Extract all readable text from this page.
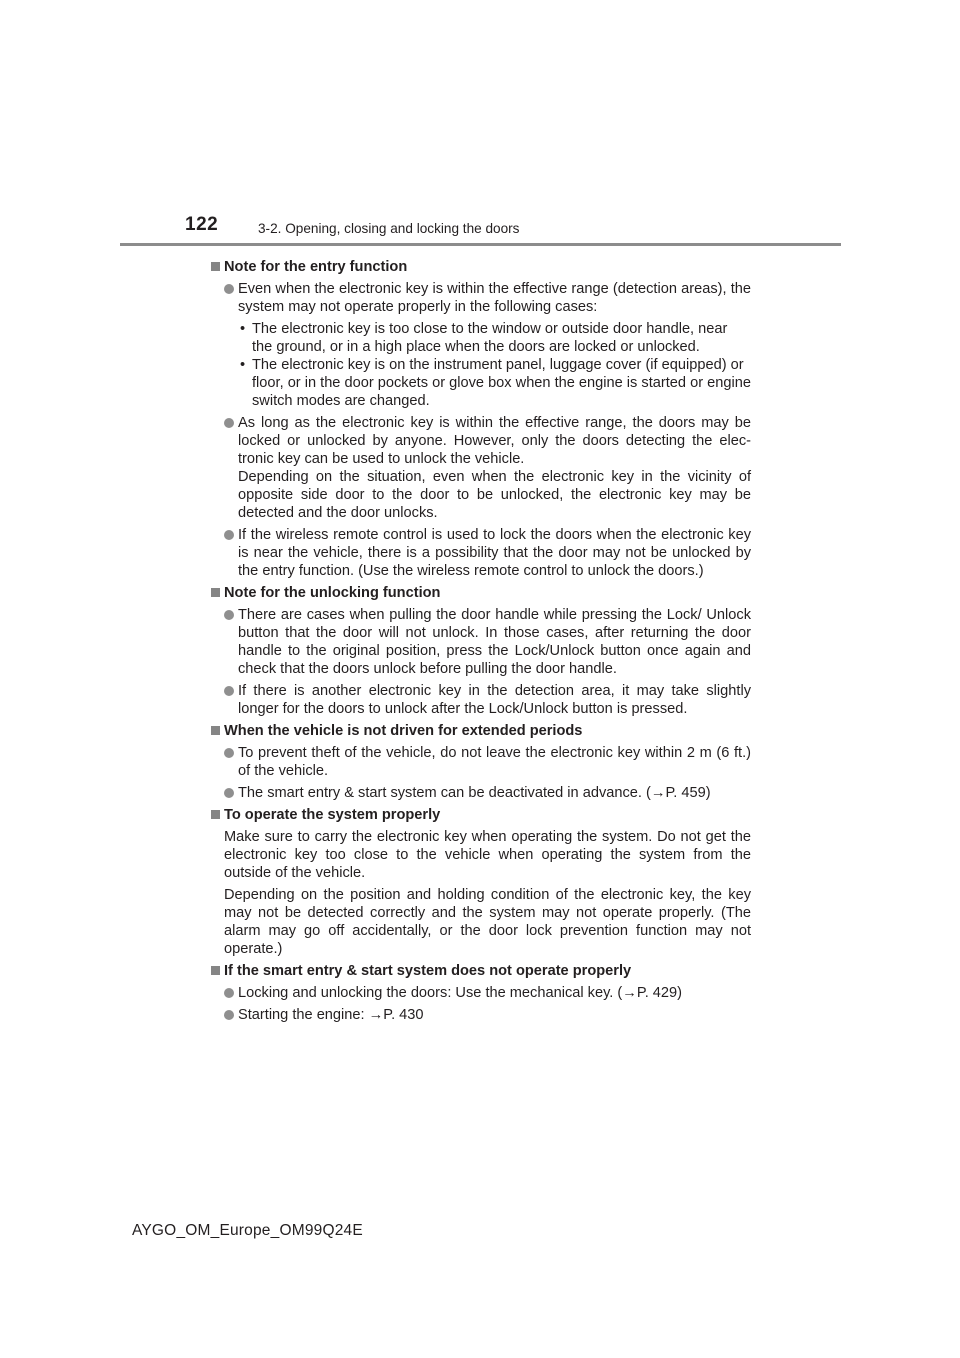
122	3-2. Opening, closing and locking the doors
Note for the entry function
Even when the electronic key is within the effective range (detection areas), the system may not operate properly in the following cases:
• The electronic key is too close to the window or outside door handle, near the ground, or in a high place when the doors are locked or unlocked.
• The electronic key is on the instrument panel, luggage cover (if equipped) or floor, or in the door pockets or glove box when the engine is started or engine switch modes are changed.
As long as the electronic key is within the effective range, the doors may be locked or unlocked by anyone. However, only the doors detecting the elec-tronic key can be used to unlock the vehicle.
Depending on the situation, even when the electronic key in the vicinity of opposite side door to the door to be unlocked, the electronic key may be detected and the door unlocks.
If the wireless remote control is used to lock the doors when the electronic key is near the vehicle, there is a possibility that the door may not be unlocked by the entry function. (Use the wireless remote control to unlock the doors.)
Note for the unlocking function
There are cases when pulling the door handle while pressing the Lock/ Unlock button that the door will not unlock. In those cases, after returning the door handle to the original position, press the Lock/Unlock button once again and check that the doors unlock before pulling the door handle.
If there is another electronic key in the detection area, it may take slightly longer for the doors to unlock after the Lock/Unlock button is pressed.
When the vehicle is not driven for extended periods
To prevent theft of the vehicle, do not leave the electronic key within 2 m (6 ft.) of the vehicle.
The smart entry & start system can be deactivated in advance. (→P. 459)
To operate the system properly
Make sure to carry the electronic key when operating the system. Do not get the electronic key too close to the vehicle when operating the system from the outside of the vehicle.
Depending on the position and holding condition of the electronic key, the key may not be detected correctly and the system may not operate properly. (The alarm may go off accidentally, or the door lock prevention function may not operate.)
If the smart entry & start system does not operate properly
Locking and unlocking the doors: Use the mechanical key. (→P. 429)
Starting the engine: →P. 430
AYGO_OM_Europe_OM99Q24E
